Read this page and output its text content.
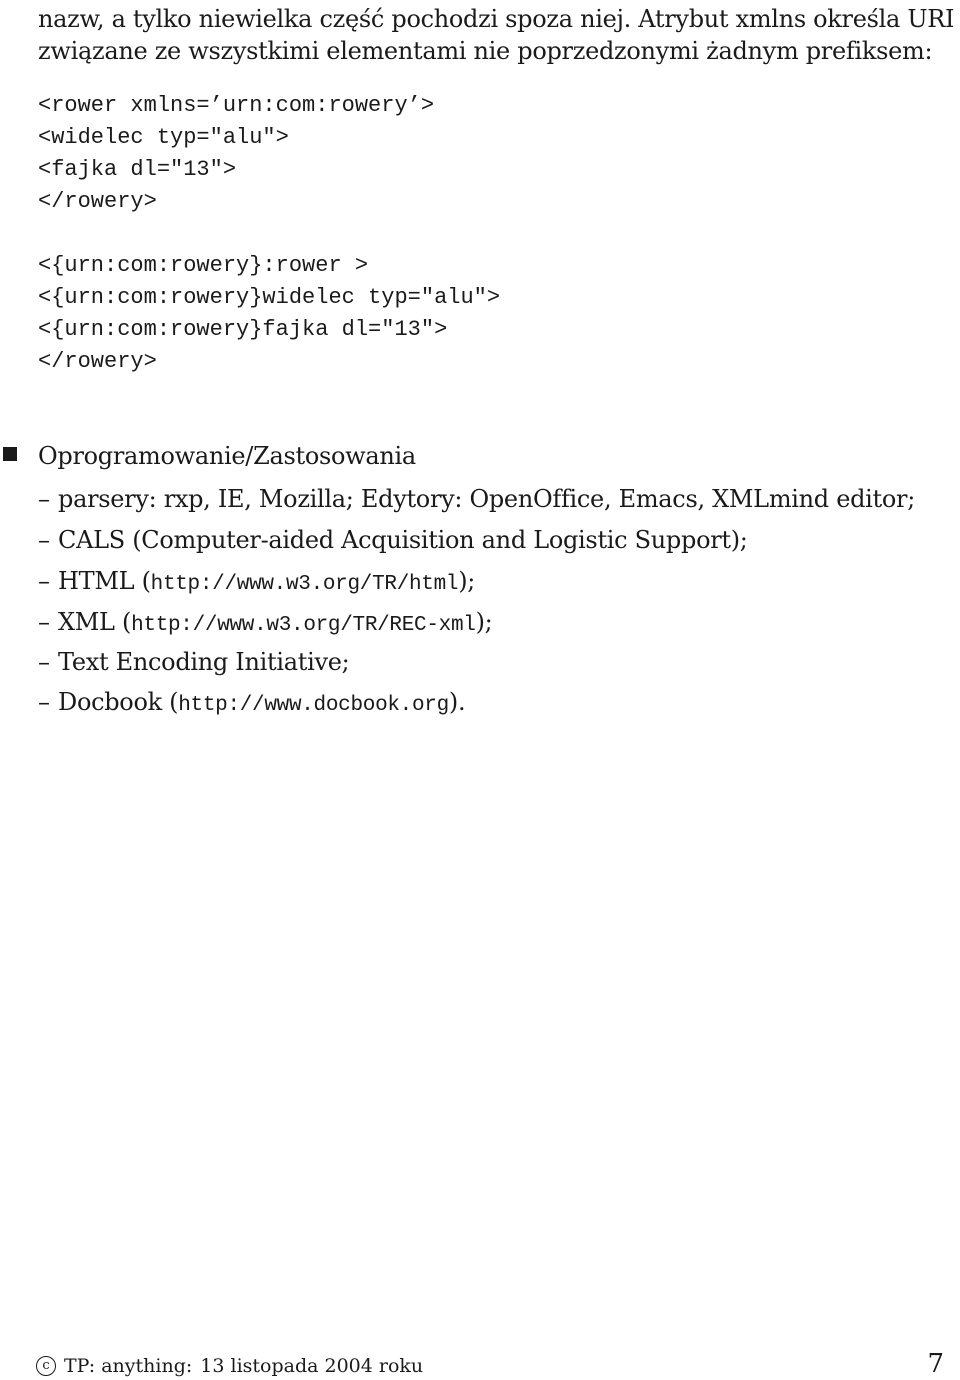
nazw, a tylko niewielka część pochodzi spoza niej. Atrybut xmlns określa URI
związane ze wszystkimi elementami nie poprzedzonymi żadnym prefiksem:
<rower xmlns=’urn:com:rowery’>
<widelec typ="alu">
<fajka dl="13">
</rowery>
<{urn:com:rowery}:rower >
<{urn:com:rowery}widelec typ="alu">
<{urn:com:rowery}fajka dl="13">
</rowery>
Oprogramowanie/Zastosowania
– parsery: rxp, IE, Mozilla; Edytory: OpenOffice, Emacs, XMLmind editor;
– CALS (Computer-aided Acquisition and Logistic Support);
– HTML (http://www.w3.org/TR/html);
– XML (http://www.w3.org/TR/REC-xml);
– Text Encoding Initiative;
– Docbook (http://www.docbook.org).
c TP: anything: 13 listopada 2004 roku	7
